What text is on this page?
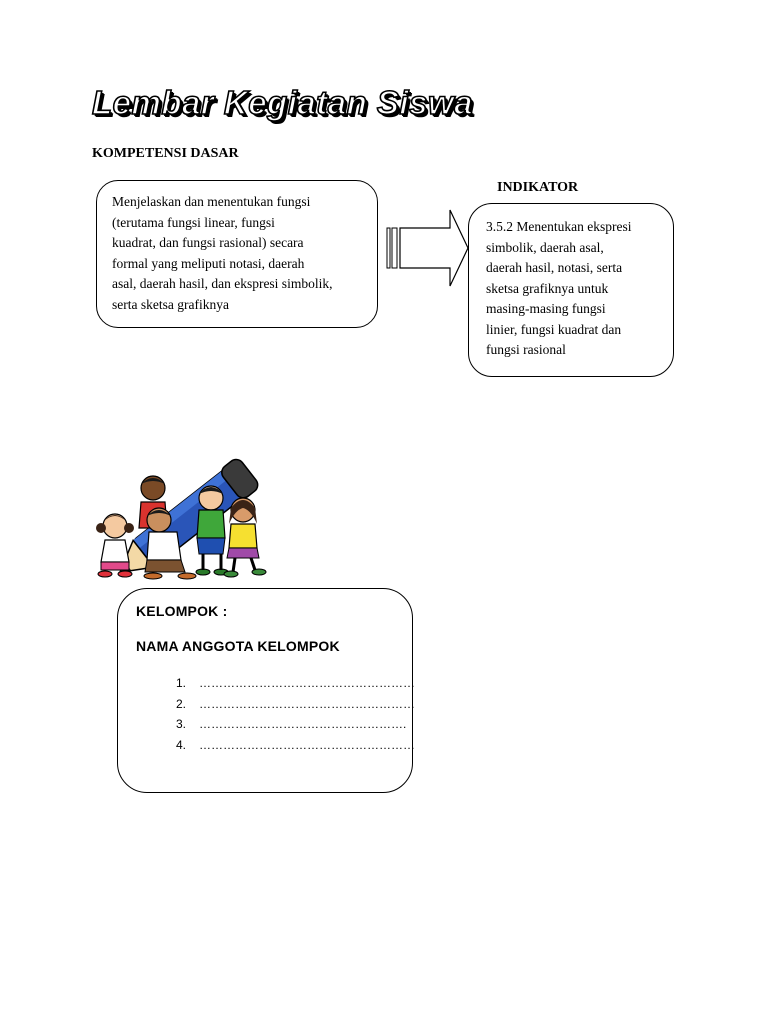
Lembar Kegiatan Siswa
KOMPETENSI DASAR
Menjelaskan dan menentukan fungsi
(terutama fungsi linear, fungsi
kuadrat, dan fungsi rasional) secara
formal yang meliputi notasi, daerah
asal, daerah hasil, dan ekspresi simbolik,
serta sketsa grafiknya
INDIKATOR
3.5.2 Menentukan ekspresi
simbolik, daerah asal,
daerah hasil, notasi, serta
sketsa grafiknya untuk
masing-masing fungsi
linier, fungsi kuadrat dan
fungsi rasional
KELOMPOK :
NAMA ANGGOTA KELOMPOK
1. ………………………………………………
2. ………………………………………………
3. …………………………………………….
4. ………………………………………………
